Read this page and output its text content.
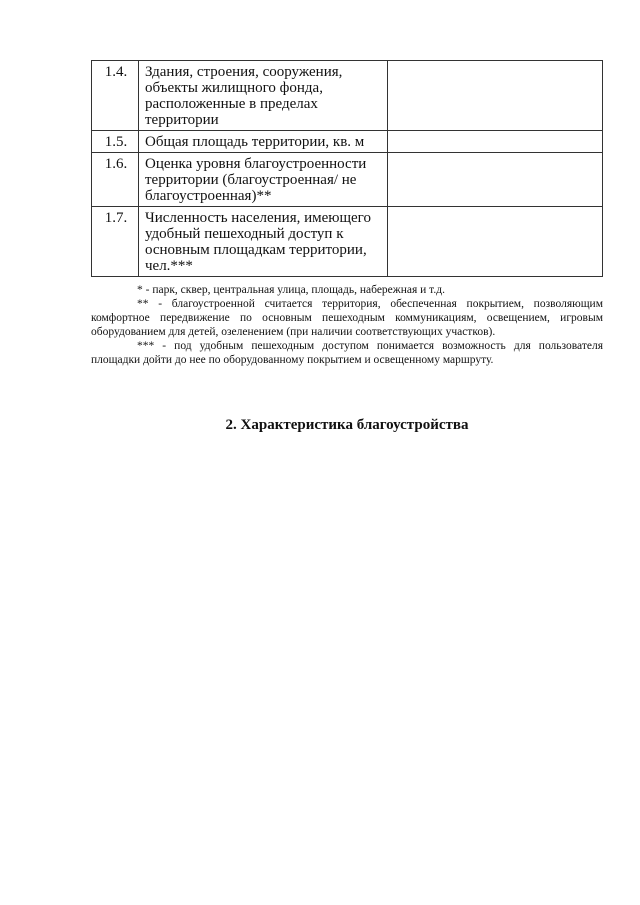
1.4.	Здания, строения, сооружения, объекты жилищного фонда, расположенные в пределах территории	
1.5.	Общая площадь территории, кв. м	
1.6.	Оценка уровня благоустроенности территории (благоустроенная/ не благоустроенная)**	
1.7.	Численность населения, имеющего удобный пешеходный доступ к основным площадкам территории, чел.***	

* - парк, сквер, центральная улица, площадь, набережная и т.д.

** - благоустроенной считается территория, обеспеченная покрытием, позволяющим комфортное передвижение по основным пешеходным коммуникациям, освещением, игровым оборудованием для детей, озеленением (при наличии соответствующих участков).

*** - под удобным пешеходным доступом понимается возможность для пользователя площадки дойти до нее по оборудованному покрытием и освещенному маршруту.

2. Характеристика благоустройства
